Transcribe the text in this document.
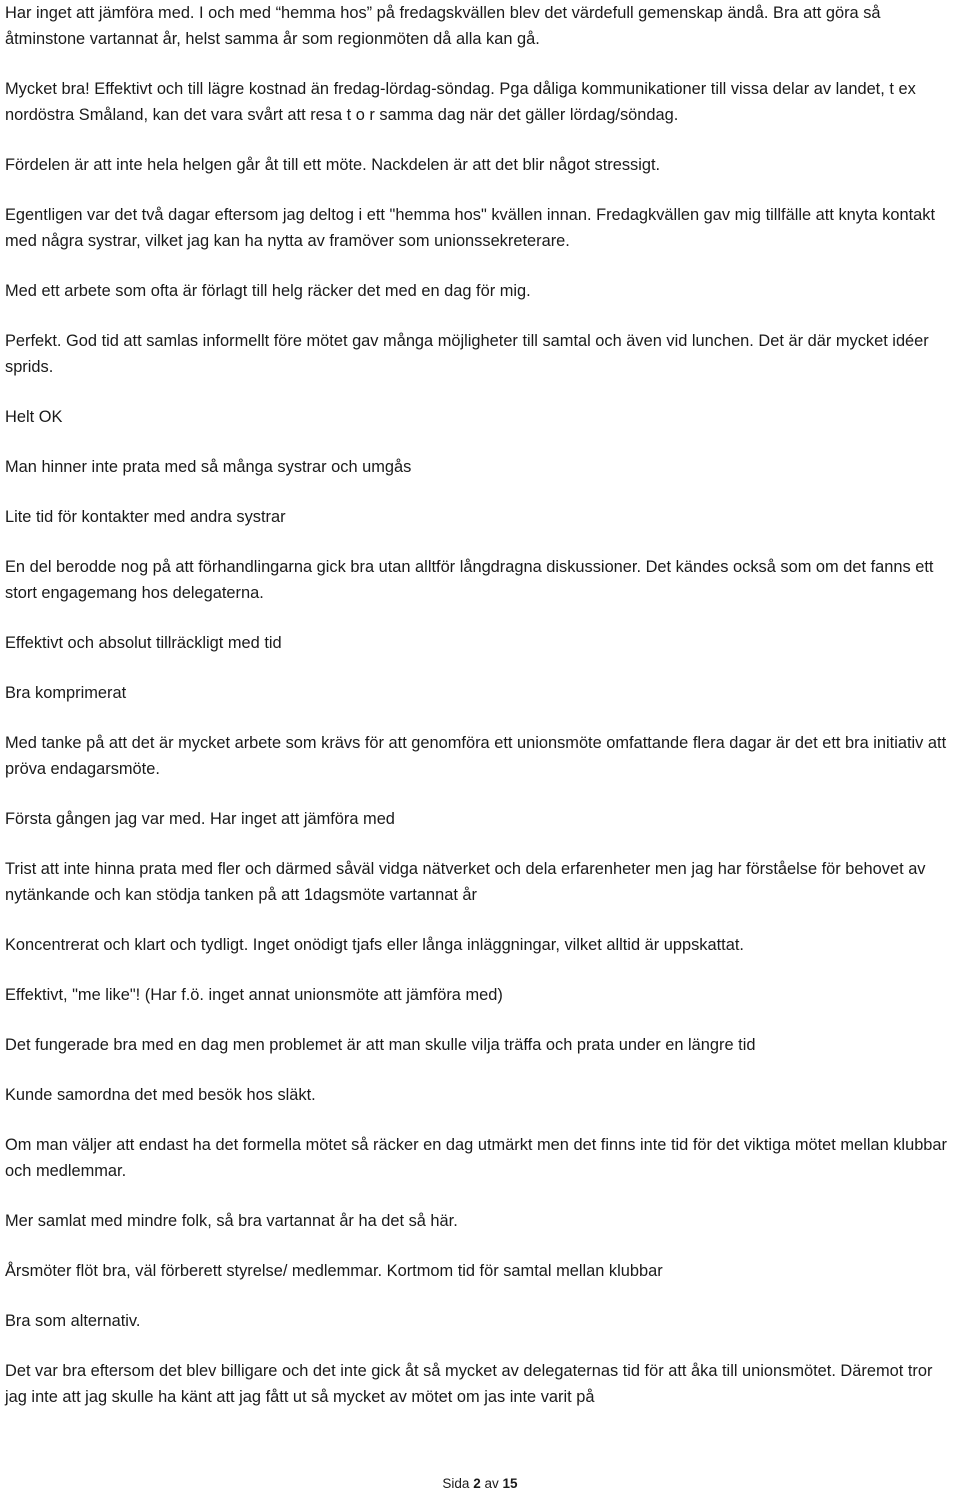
Har inget att jämföra med. I och med “hemma hos” på fredagskvällen blev det värdefull gemenskap ändå. Bra att göra så åtminstone vartannat år, helst samma år som regionmöten då alla kan gå.

Mycket bra! Effektivt och till lägre kostnad än fredag-lördag-söndag. Pga dåliga kommunikationer till vissa delar av landet, t ex nordöstra Småland, kan det vara svårt att resa t o r samma dag när det gäller lördag/söndag.

Fördelen är att inte hela helgen går åt till ett möte. Nackdelen är att det blir något stressigt.

Egentligen var det två dagar eftersom jag deltog i ett "hemma hos" kvällen innan. Fredagkvällen gav mig tillfälle att knyta kontakt med några systrar, vilket jag kan ha nytta av framöver som unionssekreterare.

Med ett arbete som ofta är förlagt till helg räcker det med en dag för mig.

Perfekt. God tid att samlas informellt före mötet gav många möjligheter till samtal och även vid lunchen. Det är där mycket idéer sprids.

Helt OK

Man hinner inte prata med så många systrar och umgås

Lite tid för kontakter med andra systrar

En del berodde nog på att förhandlingarna gick bra utan alltför långdragna diskussioner. Det kändes också som om det fanns ett stort engagemang hos delegaterna.

Effektivt och absolut tillräckligt med tid

Bra komprimerat

Med tanke på att det är mycket arbete som krävs för att genomföra ett unionsmöte omfattande flera dagar är det ett bra initiativ att pröva endagarsmöte.

Första gången jag var med. Har inget att jämföra med

Trist att inte hinna prata med fler och därmed såväl vidga nätverket och dela erfarenheter men jag har förståelse för behovet av nytänkande och kan stödja tanken på att 1dagsmöte vartannat år

Koncentrerat och klart och tydligt. Inget onödigt tjafs eller långa inläggningar, vilket alltid är uppskattat.

Effektivt, "me like"! (Har f.ö. inget annat unionsmöte att jämföra med)

Det fungerade bra med en dag men problemet är att man skulle vilja träffa och prata under en längre tid

Kunde samordna det med besök hos släkt.

Om man väljer att endast ha det formella mötet så räcker en dag utmärkt men det finns inte tid för det viktiga mötet mellan klubbar och medlemmar.

Mer samlat med mindre folk, så bra vartannat år ha det så här.

Årsmöter flöt bra, väl förberett styrelse/ medlemmar. Kortmom tid för samtal mellan klubbar

Bra som alternativ.

Det var bra eftersom det blev billigare och det inte gick åt så mycket av delegaternas tid för att åka till unionsmötet. Däremot tror jag inte att jag skulle ha känt att jag fått ut så mycket av mötet om jas inte varit på

Sida 2 av 15
